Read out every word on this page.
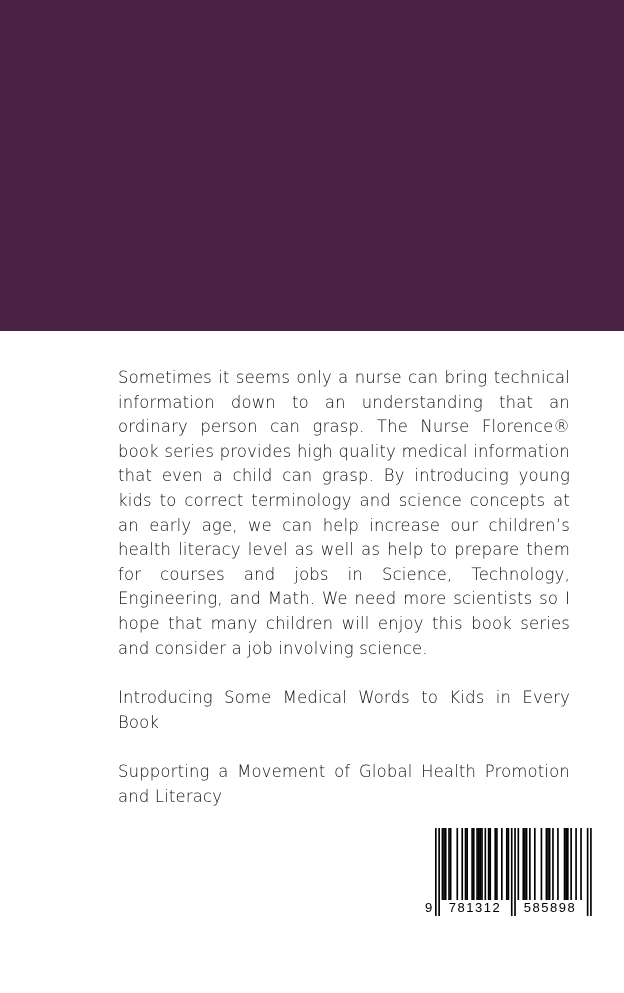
Sometimes it seems only a nurse can bring technical information down to an understanding that an ordinary person can grasp. The Nurse Florence® book series provides high quality medical information that even a child can grasp. By introducing young kids to correct terminology and science concepts at an early age, we can help increase our children’s health literacy level as well as help to prepare them for courses and jobs in Science, Technology, Engineering, and Math. We need more scientists so I hope that many children will enjoy this book series and consider a job involving science.

Introducing Some Medical Words to Kids in Every Book

Supporting a Movement of Global Health Promotion and Literacy

9 781312 585898
